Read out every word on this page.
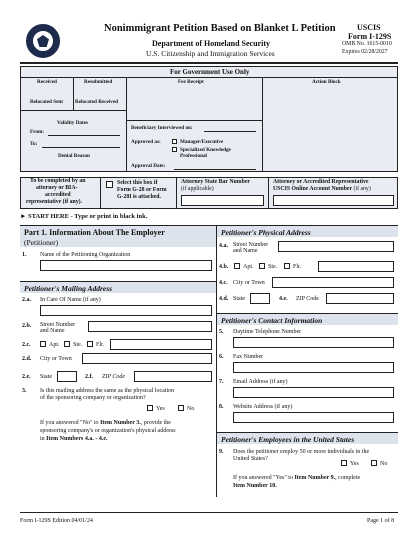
Nonimmigrant Petition Based on Blanket L Petition
Department of Homeland Security
U.S. Citizenship and Immigration Services
USCIS
Form I-129S
OMB No. 1615-0010
Expires 02/28/2027
For Government Use Only
Received	Resubmitted
Relocated Sent Relocated Received
Fee Receipt	Action Block
Validity Dates
From:
To:
Denial Reason
Beneficiary Interviewed on:
Approved as:	Manager/Executive
Specialized Knowledge
Professional
Approval Date:
To be completed by an
attorney or BIA-
accredited
representative (if any).
Select this box if
Form G-28 or Form
G-28I is attached.
Attorney State Bar Number
(if applicable)
Attorney or Accredited Representative
USCIS Online Account Number (if any)
► START HERE - Type or print in black ink.
Part 1. Information About The Employer
(Petitioner)
1. Name of the Petitioning Organization
Petitioner's Mailing Address
2.a. In Care Of Name (if any)
2.b. Street Number
and Name
2.c.	Apt. Ste. Flr.
2.d. City or Town
2.e. State	2.f. ZIP Code
3. Is this mailing address the same as the physical location
of the sponsoring company or organization?
Yes	No
If you answered "No" to Item Number 3., provide the
sponsoring company's or organization's physical address
in Item Numbers 4.a. - 4.e.
Petitioner's Physical Address
4.a. Street Number
and Name
4.b. Apt. Ste.	Flr.
4.c. City or Town
4.d. State	4.e. ZIP Code
Petitioner's Contact Information
5. Daytime Telephone Number
6. Fax Number
7. Email Address (if any)
8. Website Address (if any)
Petitioner's Employees in the United States
9. Does the petitioner employ 50 or more individuals in the
United States?
Yes	No
If you answered "Yes" to Item Number 9., complete
Item Number 10.
Form I-129S Edition 04/01/24	Page 1 of 8
